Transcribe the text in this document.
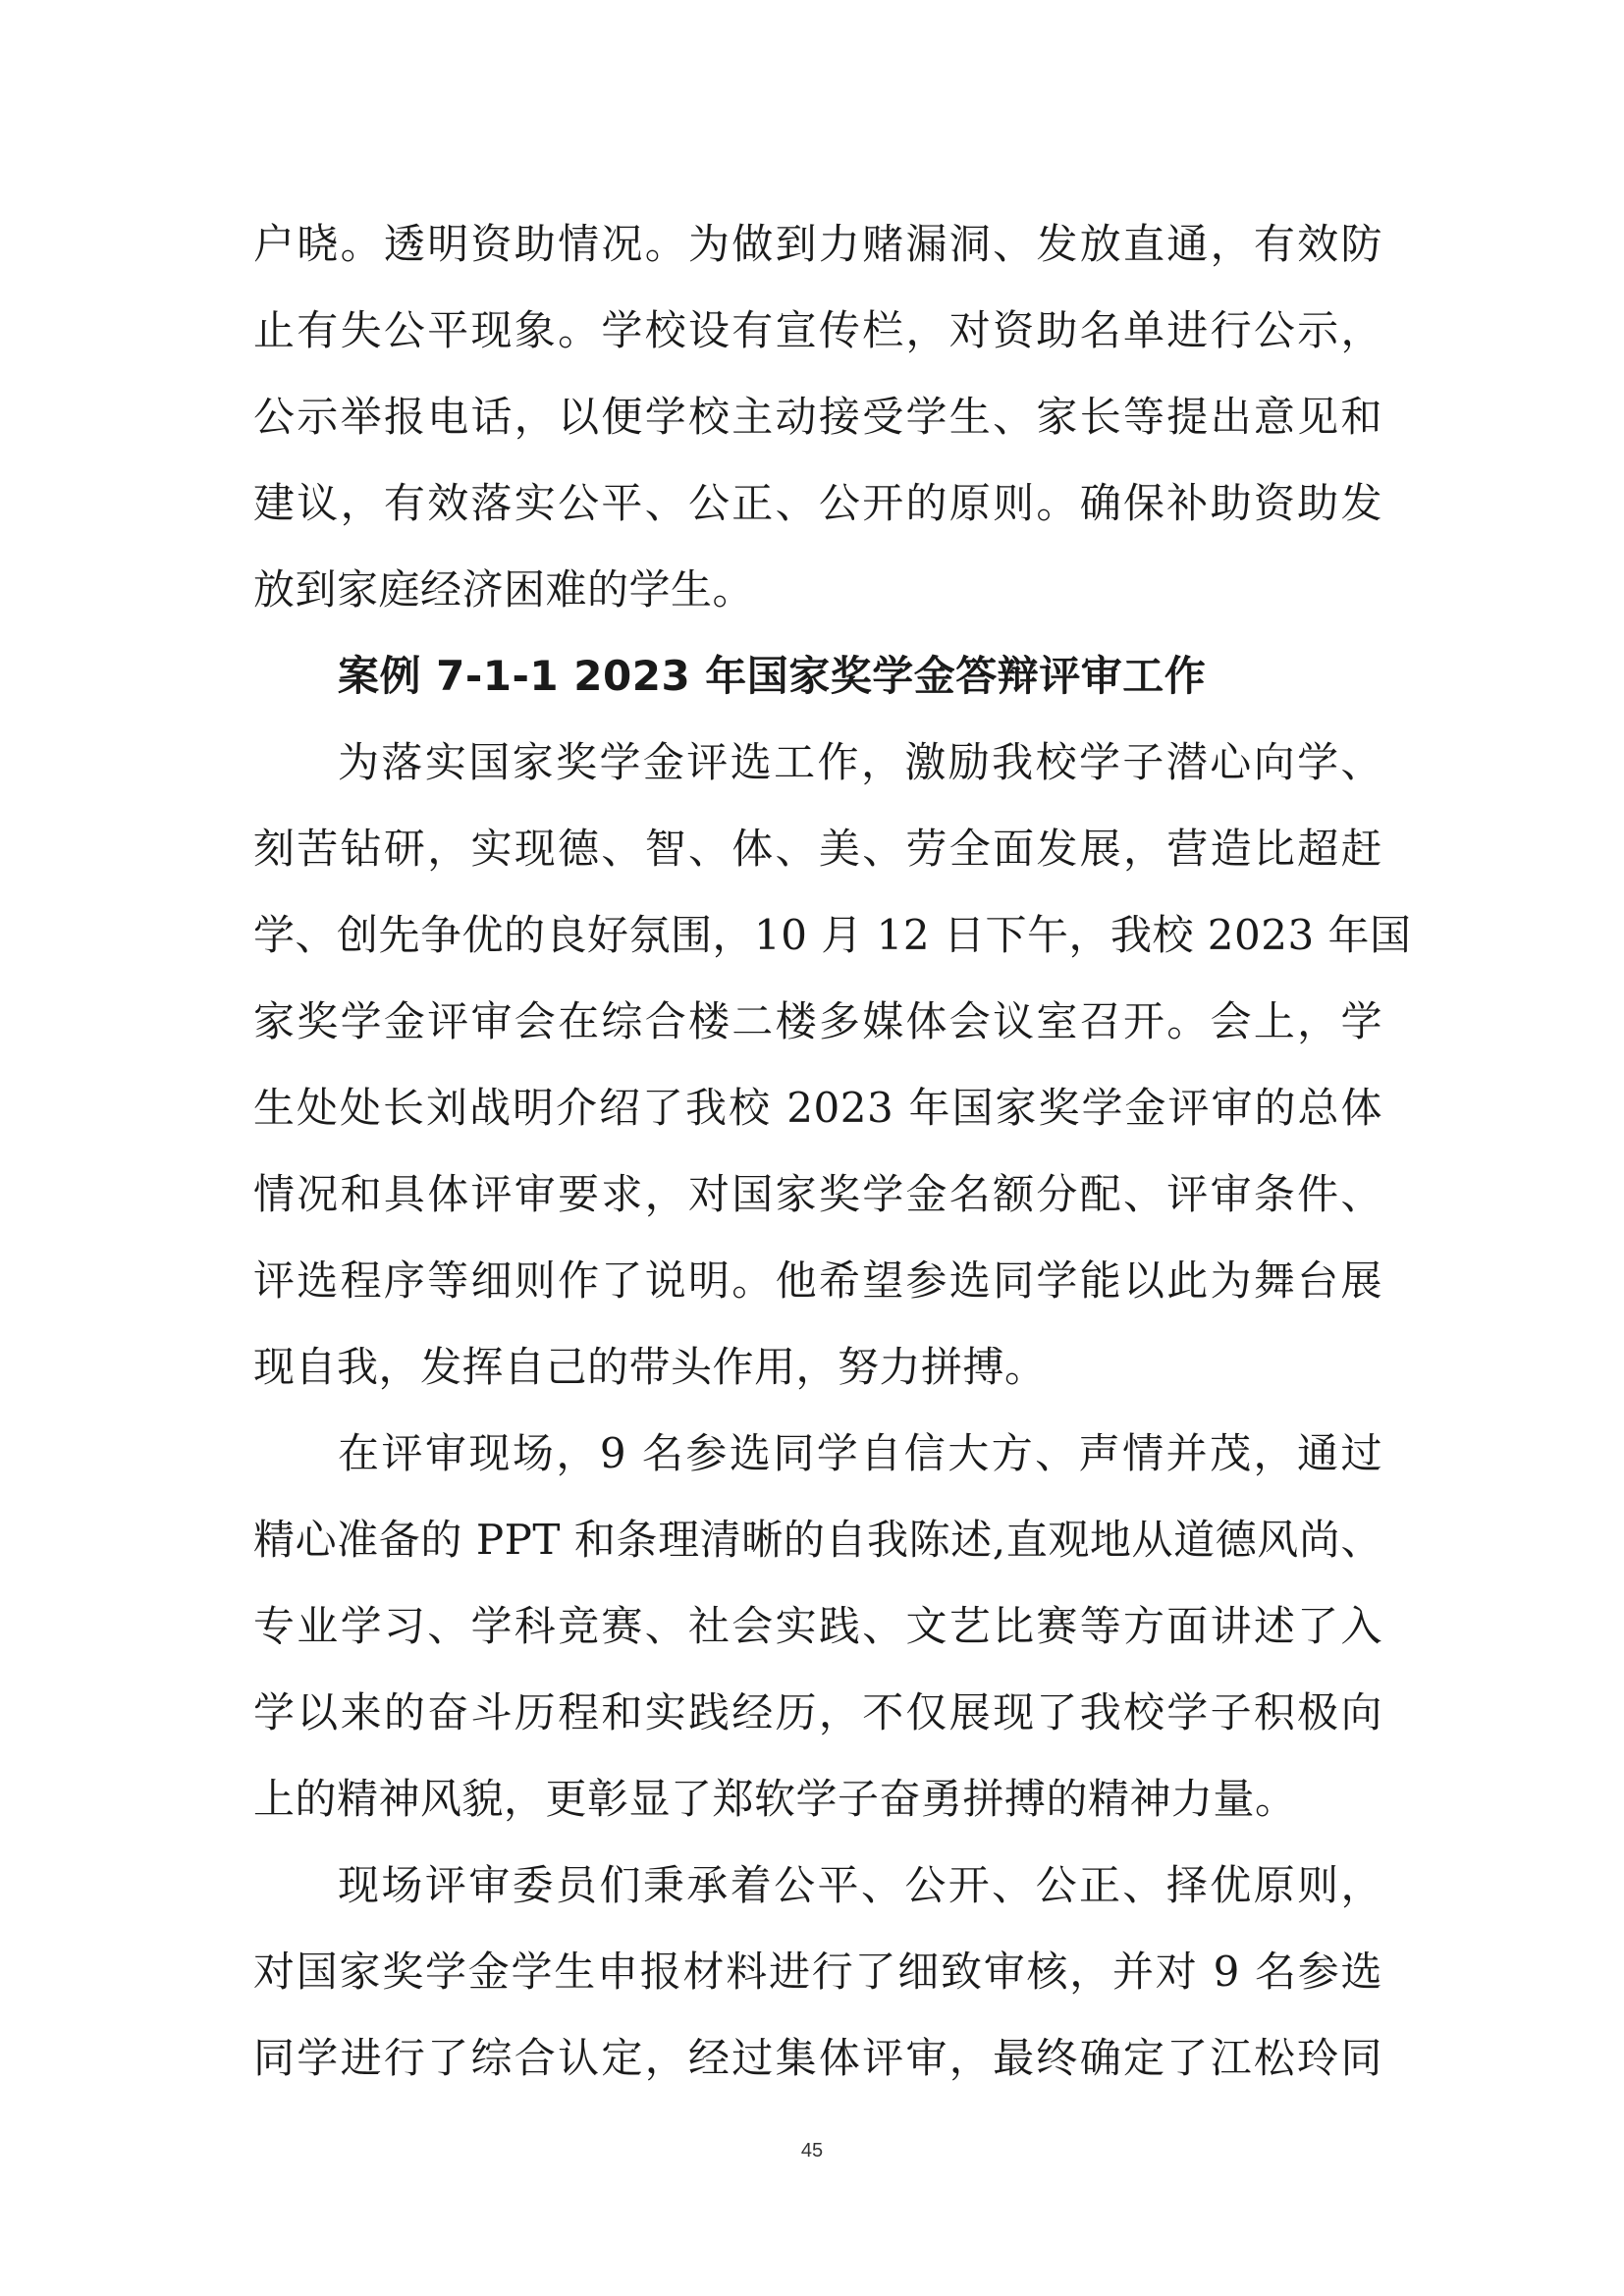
户晓。透明资助情况。为做到力赌漏洞、发放直通，有效防
止有失公平现象。学校设有宣传栏，对资助名单进行公示，
公示举报电话，以便学校主动接受学生、家长等提出意见和
建议，有效落实公平、公正、公开的原则。确保补助资助发
放到家庭经济困难的学生。
案例 7-1-1 2023 年国家奖学金答辩评审工作
为落实国家奖学金评选工作，激励我校学子潜心向学、
刻苦钻研，实现德、智、体、美、劳全面发展，营造比超赶
学、创先争优的良好氛围，10 月 12 日下午，我校 2023 年国
家奖学金评审会在综合楼二楼多媒体会议室召开。会上，学
生处处长刘战明介绍了我校 2023 年国家奖学金评审的总体
情况和具体评审要求，对国家奖学金名额分配、评审条件、
评选程序等细则作了说明。他希望参选同学能以此为舞台展
现自我，发挥自己的带头作用，努力拼搏。
在评审现场，9 名参选同学自信大方、声情并茂，通过
精心准备的 PPT 和条理清晰的自我陈述,直观地从道德风尚、
专业学习、学科竞赛、社会实践、文艺比赛等方面讲述了入
学以来的奋斗历程和实践经历，不仅展现了我校学子积极向
上的精神风貌，更彰显了郑软学子奋勇拼搏的精神力量。
现场评审委员们秉承着公平、公开、公正、择优原则，
对国家奖学金学生申报材料进行了细致审核，并对 9 名参选
同学进行了综合认定，经过集体评审，最终确定了江松玲同
45
